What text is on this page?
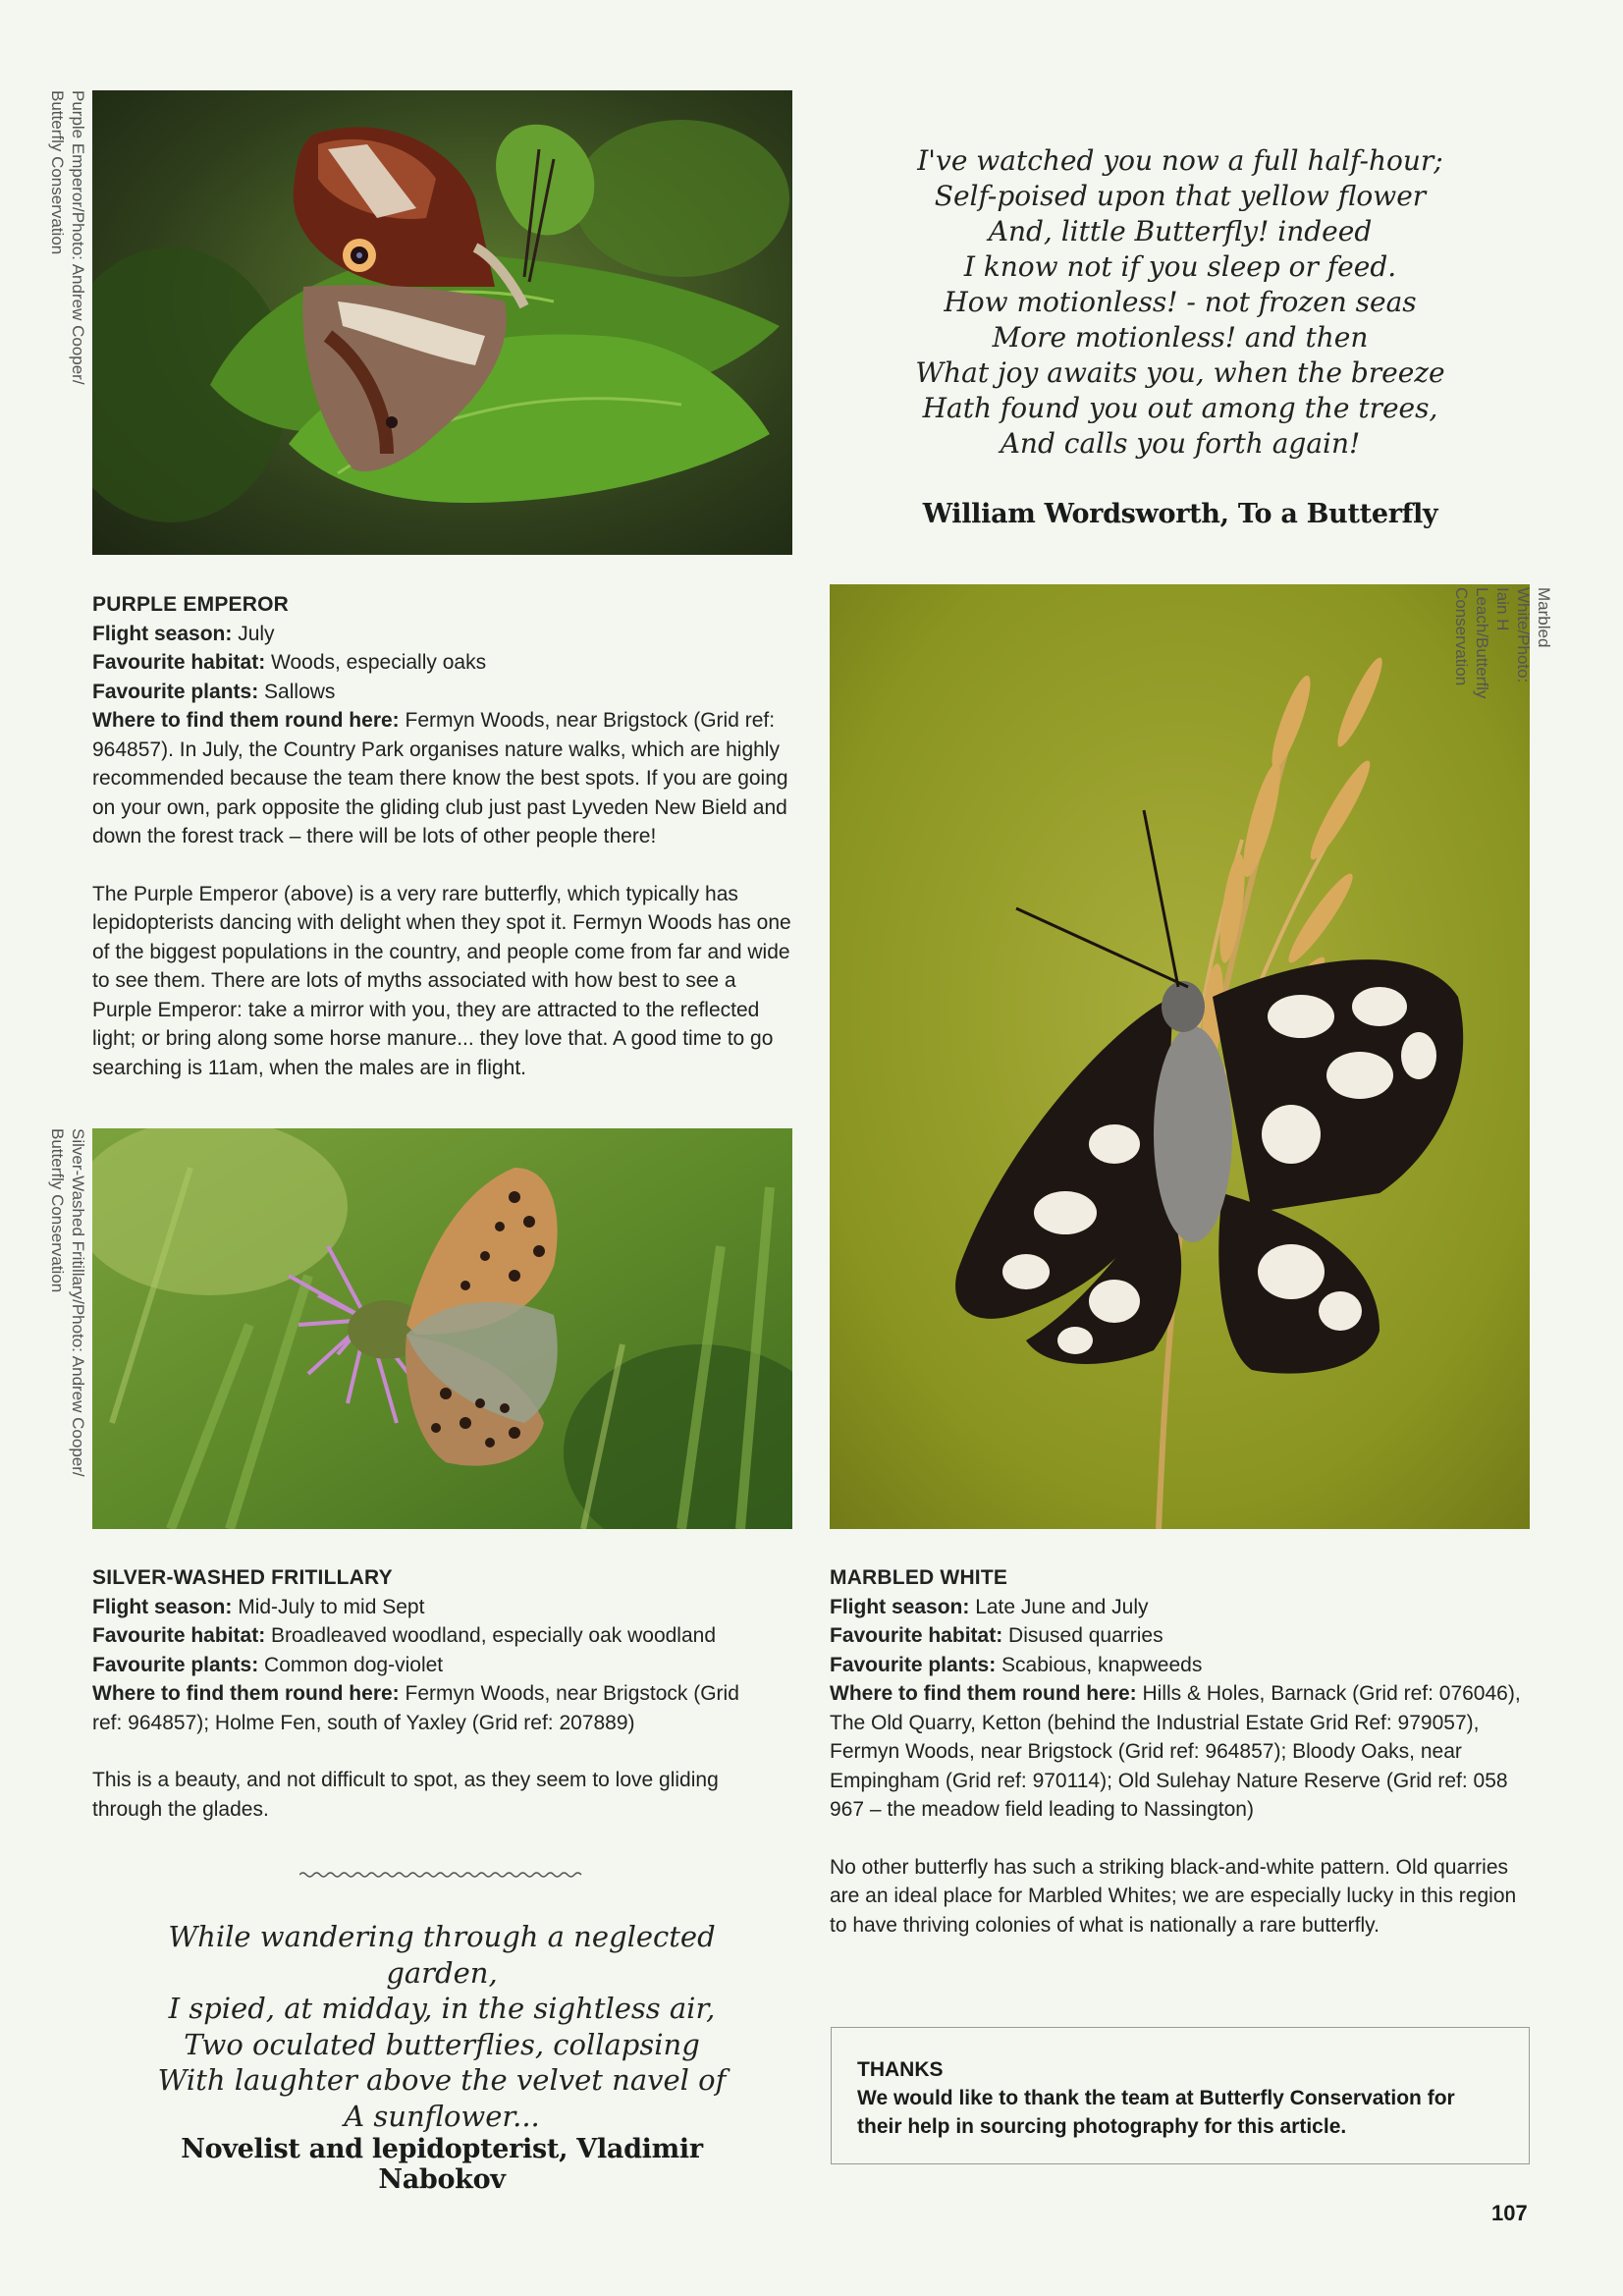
Purple Emperor/Photo: Andrew Cooper/
Butterfly Conservation	I've watched you now a full half-hour;
Self-poised upon that yellow flower
And, little Butterfly! indeed
I know not if you sleep or feed.
How motionless! - not frozen seas
More motionless! and then
What joy awaits you, when the breeze
Hath found you out among the trees,
And calls you forth again!
William Wordsworth, To a Butterfly

PURPLE EMPEROR

Flight season: July

Favourite habitat: Woods, especially oaks

Favourite plants: Sallows

Where to find them round here: Fermyn Woods, near Brigstock (Grid ref: 964857). In July, the Country Park organises nature walks, which are highly recommended because the team there know the best spots. If you are going on your own, park opposite the gliding club just past Lyveden New Bield and down the forest track – there will be lots of other people there!

The Purple Emperor (above) is a very rare butterfly, which typically has lepidopterists dancing with delight when they spot it. Fermyn Woods has one of the biggest populations in the country, and people come from far and wide to see them. There are lots of myths associated with how best to see a Purple Emperor: take a mirror with you, they are attracted to the reflected light; or bring along some horse manure... they love that. A good time to go searching is 11am, when the males are in flight.

Marbled White/Photo: Iain H Leach/Butterfly Conservation
Silver-Washed Fritillary/Photo: Andrew Cooper/
Butterfly Conservation

SILVER-WASHED FRITILLARY

Flight season: Mid-July to mid Sept

Favourite habitat: Broadleaved woodland, especially oak woodland

Favourite plants: Common dog-violet

Where to find them round here: Fermyn Woods, near Brigstock (Grid ref: 964857); Holme Fen, south of Yaxley (Grid ref: 207889)

This is a beauty, and not difficult to spot, as they seem to love gliding through the glades.

MARBLED WHITE

Flight season: Late June and July

Favourite habitat: Disused quarries

Favourite plants: Scabious, knapweeds

Where to find them round here: Hills & Holes, Barnack (Grid ref: 076046), The Old Quarry, Ketton (behind the Industrial Estate Grid Ref: 979057), Fermyn Woods, near Brigstock (Grid ref: 964857); Bloody Oaks, near Empingham (Grid ref: 970114); Old Sulehay Nature Reserve (Grid ref: 058 967 – the meadow field leading to Nassington)

No other butterfly has such a striking black-and-white pattern. Old quarries are an ideal place for Marbled Whites; we are especially lucky in this region to have thriving colonies of what is nationally a rare butterfly.

While wandering through a neglected garden,
I spied, at midday, in the sightless air,
Two oculated butterflies, collapsing
With laughter above the velvet navel of
A sunflower...
Novelist and lepidopterist, Vladimir Nabokov
THANKS
We would like to thank the team at Butterfly Conservation for their help in sourcing photography for this article.
107
